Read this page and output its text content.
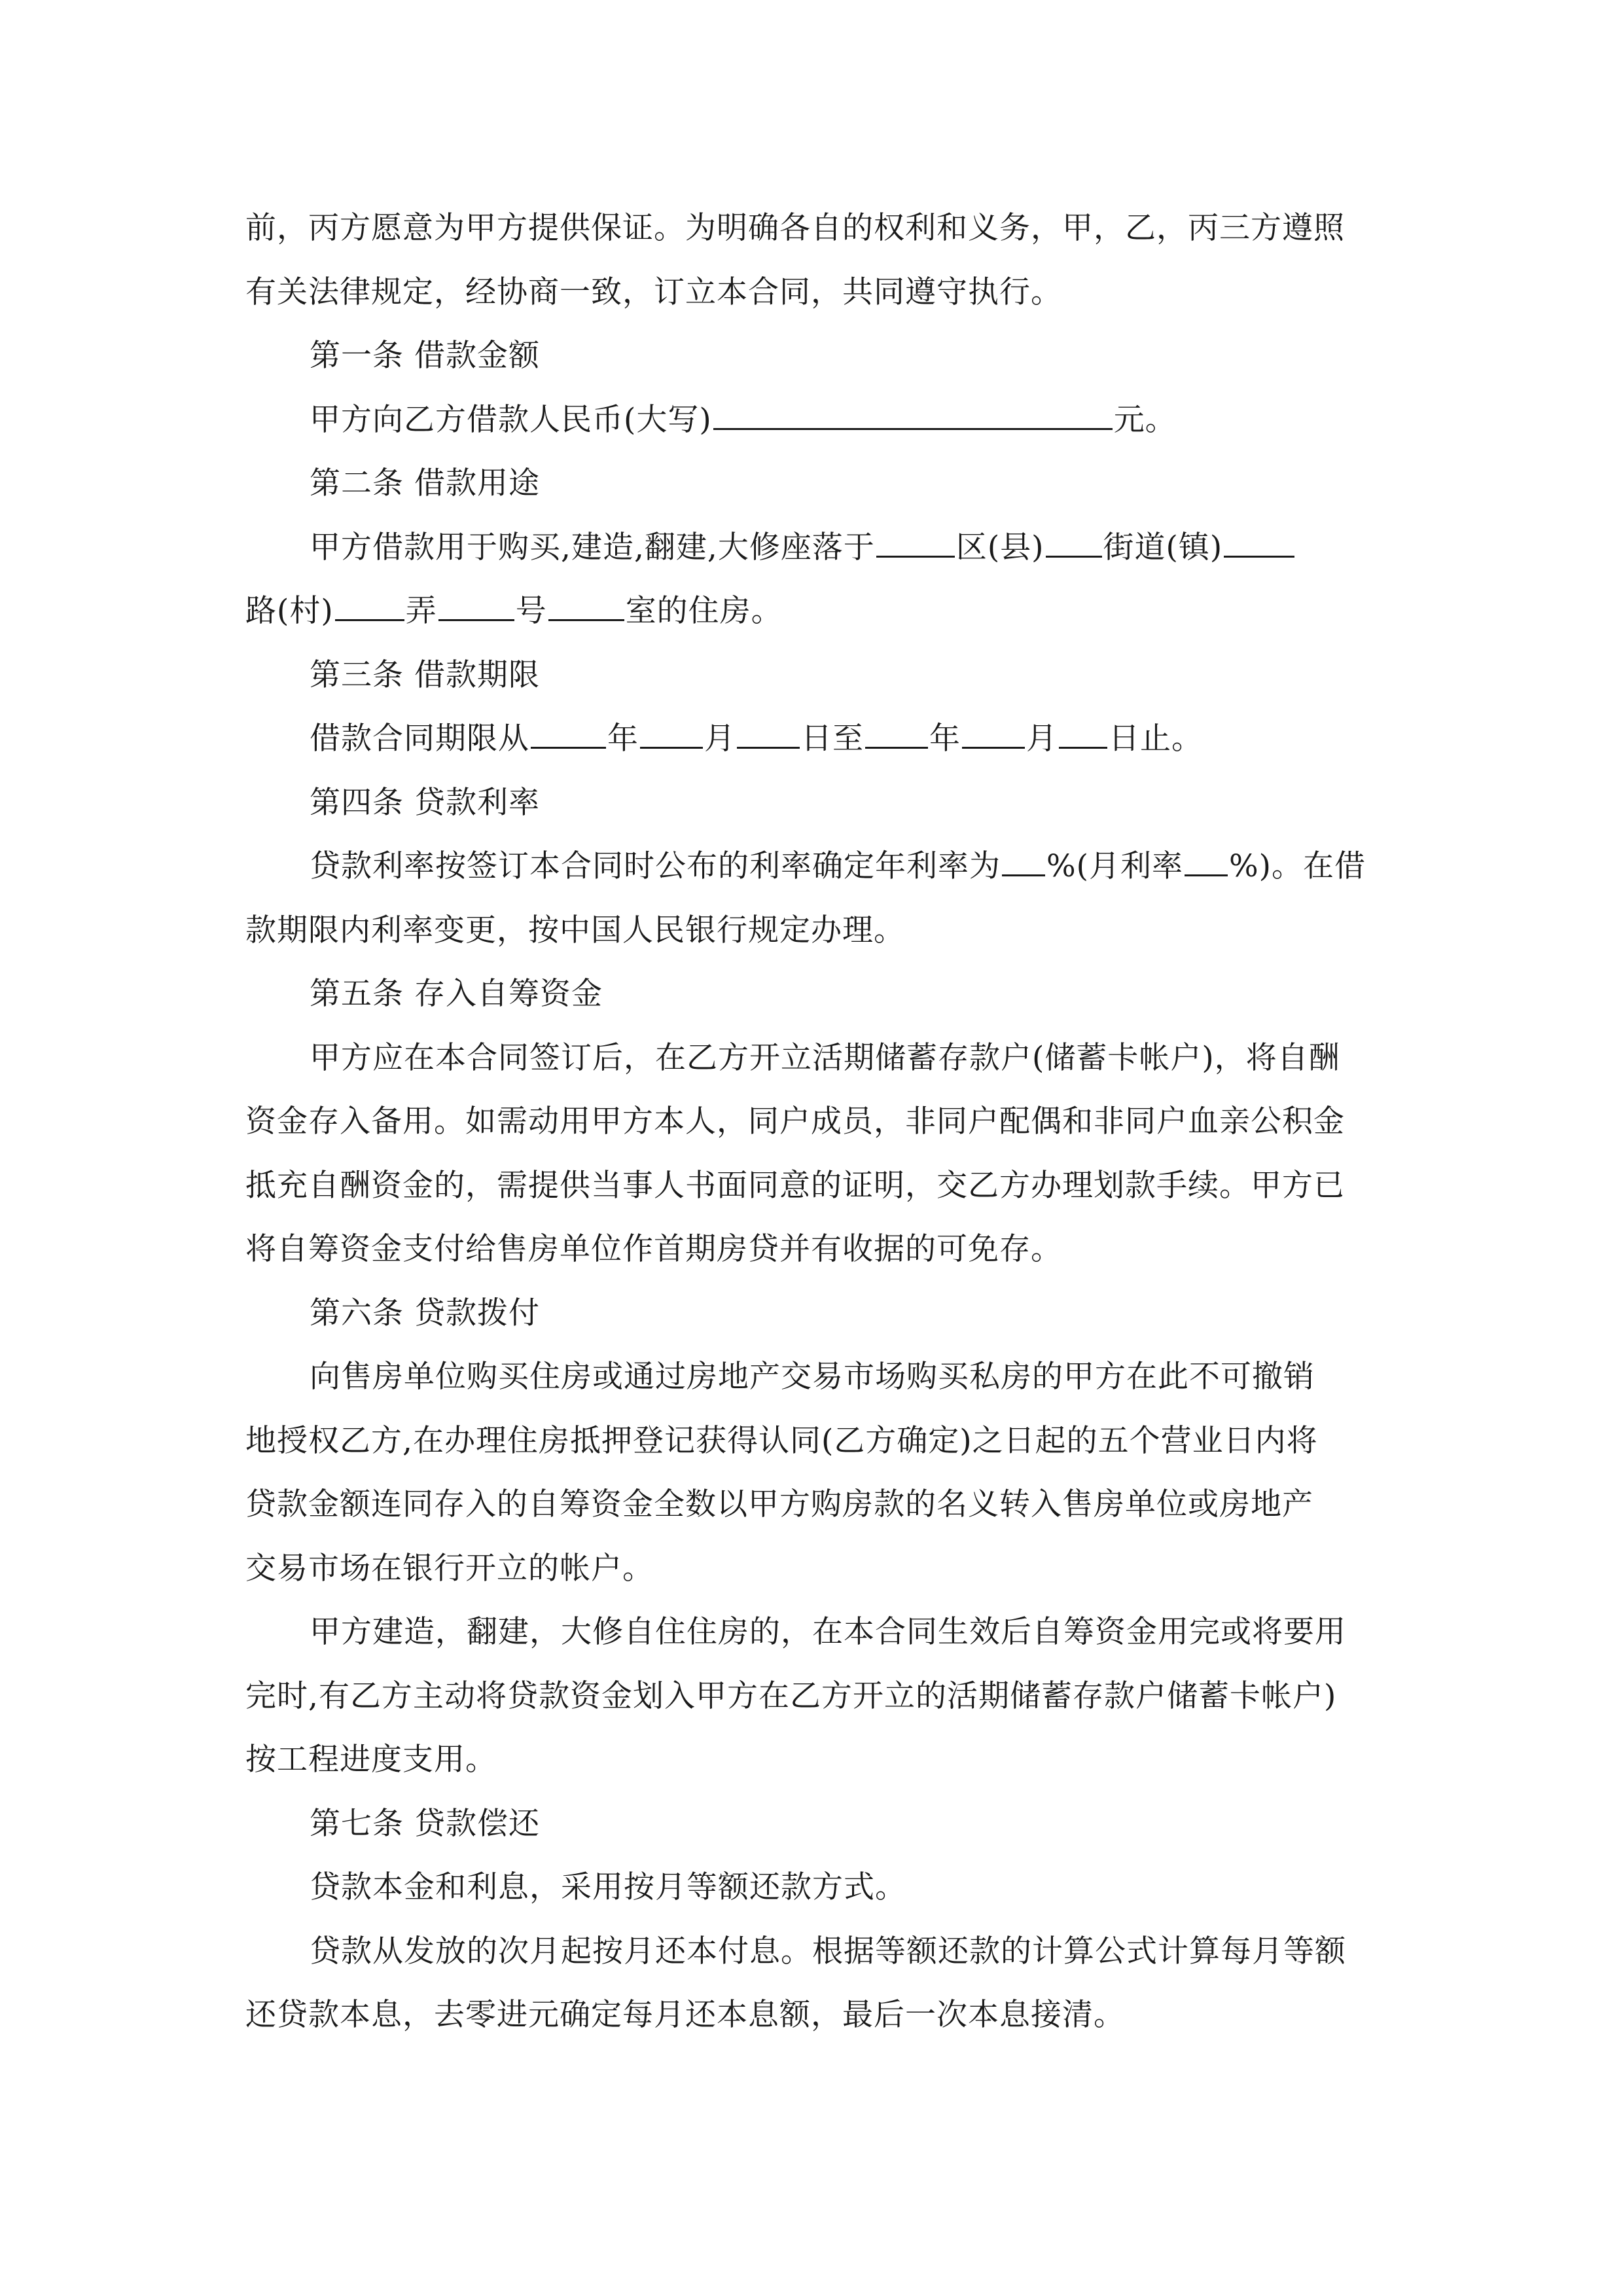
前，丙方愿意为甲方提供保证。为明确各自的权利和义务，甲，乙，丙三方遵照
有关法律规定，经协商一致，订立本合同，共同遵守执行。
第一条 借款金额
甲方向乙方借款人民币(大写)	元。
第二条 借款用途
甲方借款用于购买,建造,翻建,大修座落于	区(县) 街道(镇)
路(村) 弄	号	室的住房。
第三条 借款期限
借款合同期限从	年 月 日至 年 月 日止。
第四条 贷款利率
贷款利率按签订本合同时公布的利率确定年利率为 %(月利率 %)。在借
款期限内利率变更，按中国人民银行规定办理。
第五条 存入自筹资金
甲方应在本合同签订后，在乙方开立活期储蓄存款户(储蓄卡帐户)，将自酬
资金存入备用。如需动用甲方本人，同户成员，非同户配偶和非同户血亲公积金
抵充自酬资金的，需提供当事人书面同意的证明，交乙方办理划款手续。甲方已
将自筹资金支付给售房单位作首期房贷并有收据的可免存。
第六条 贷款拨付
向售房单位购买住房或通过房地产交易市场购买私房的甲方在此不可撤销
地授权乙方,在办理住房抵押登记获得认同(乙方确定)之日起的五个营业日内将
贷款金额连同存入的自筹资金全数以甲方购房款的名义转入售房单位或房地产
交易市场在银行开立的帐户。
甲方建造，翻建，大修自住住房的，在本合同生效后自筹资金用完或将要用
完时,有乙方主动将贷款资金划入甲方在乙方开立的活期储蓄存款户储蓄卡帐户)
按工程进度支用。
第七条 贷款偿还
贷款本金和利息，采用按月等额还款方式。
贷款从发放的次月起按月还本付息。根据等额还款的计算公式计算每月等额
还贷款本息，去零进元确定每月还本息额，最后一次本息接清。
